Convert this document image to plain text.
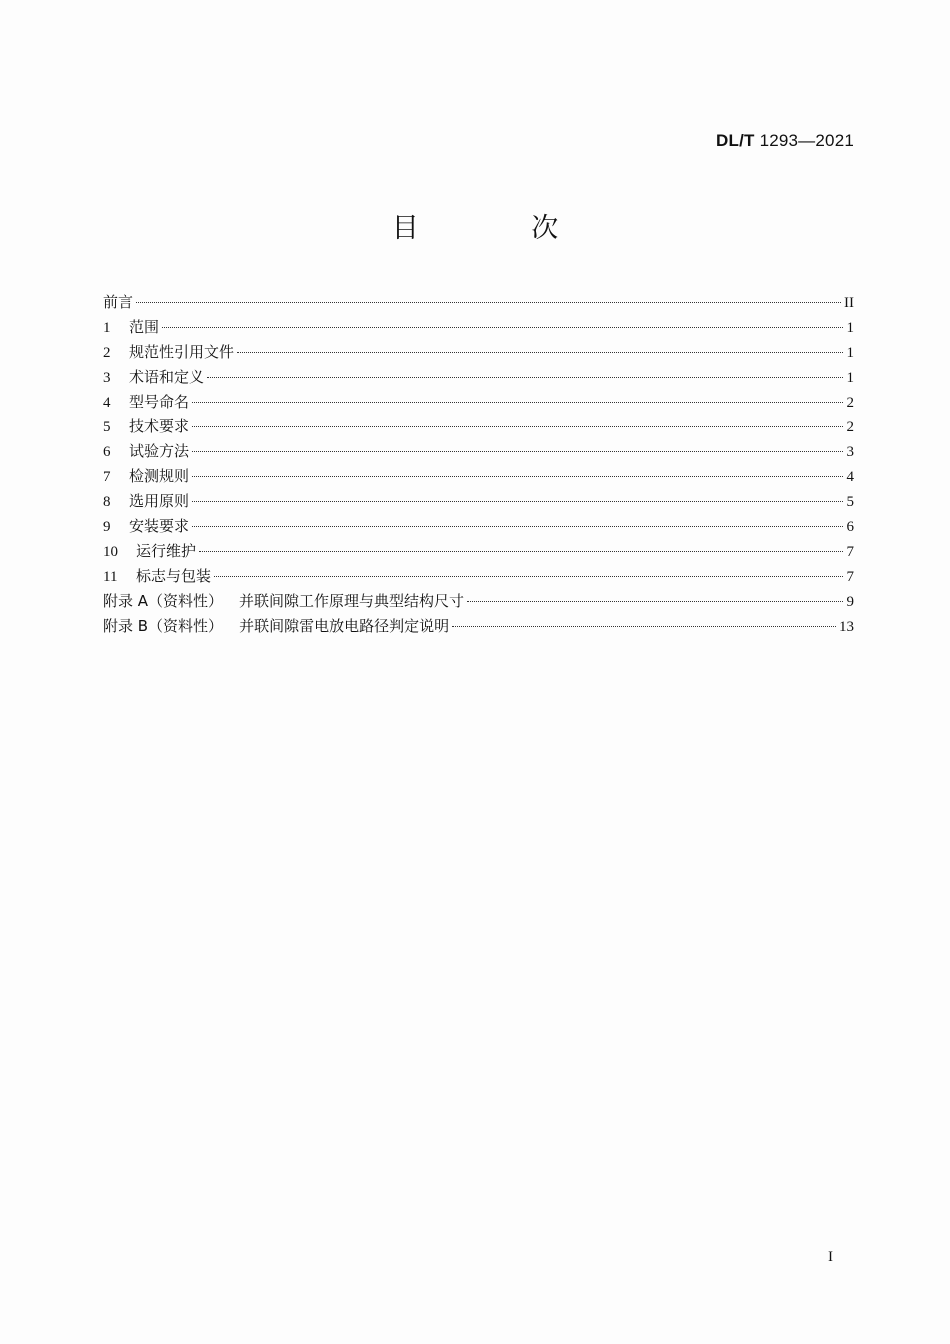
DL/T 1293—2021
目 次
前言	II
1	范围	1
2	规范性引用文件	1
3	术语和定义	1
4	型号命名	2
5	技术要求	2
6	试验方法	3
7	检测规则	4
8	选用原则	5
9	安装要求	6
10	运行维护	7
11	标志与包装	7
附录 A（资料性） 并联间隙工作原理与典型结构尺寸	9
附录 B（资料性） 并联间隙雷电放电路径判定说明	13
I
